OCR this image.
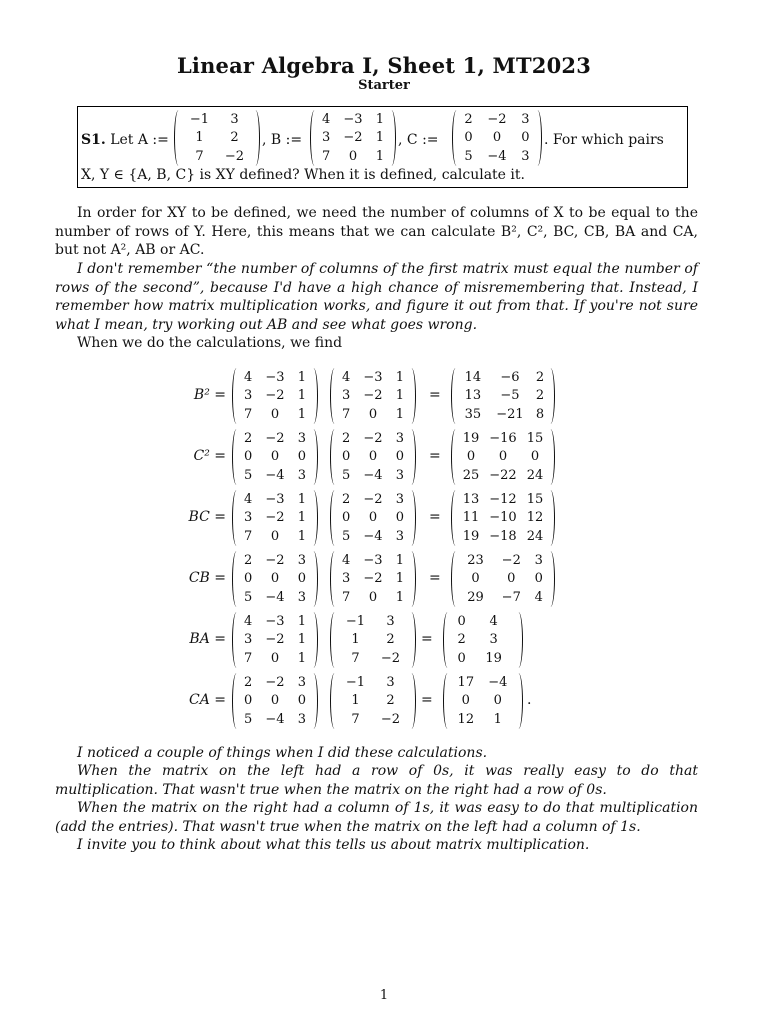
Linear Algebra I, Sheet 1, MT2023
Starter
S1. Let A :=
−1	3
1	2
7	−2
, B :=
4	−3	1
3	−2	1
7	0	1
, C :=
2	−2	3
0	0	0
5	−4	3
. For which pairs
X, Y ∈ {A, B, C} is XY defined? When it is defined, calculate it.
In order for XY to be defined, we need the number of columns of X to be equal to the number of rows of Y. Here, this means that we can calculate B², C², BC, CB, BA and CA, but not A², AB or AC.
I don't remember “the number of columns of the first matrix must equal the number of rows of the second”, because I'd have a high chance of misremembering that. Instead, I remember how matrix multiplication works, and figure it out from that. If you're not sure what I mean, try working out AB and see what goes wrong.
When we do the calculations, we find
B² =
4	−3	1
3	−2	1
7	0	1
4	−3	1
3	−2	1
7	0	1
=
14	−6	2
13	−5	2
35	−21	8
C² =
2	−2	3
0	0	0
5	−4	3
2	−2	3
0	0	0
5	−4	3
=
19	−16	15
0	0	0
25	−22	24
BC =
4	−3	1
3	−2	1
7	0	1
2	−2	3
0	0	0
5	−4	3
=
13	−12	15
11	−10	12
19	−18	24
CB =
2	−2	3
0	0	0
5	−4	3
4	−3	1
3	−2	1
7	0	1
=
23	−2	3
0	0	0
29	−7	4
BA =
4	−3	1
3	−2	1
7	0	1
−1	3
1	2
7	−2
=
0	4
2	3
0	19
CA =
2	−2	3
0	0	0
5	−4	3
−1	3
1	2
7	−2
=
17	−4
0	0
12	1
.
I noticed a couple of things when I did these calculations.
When the matrix on the left had a row of 0s, it was really easy to do that multiplication. That wasn't true when the matrix on the right had a row of 0s.
When the matrix on the right had a column of 1s, it was easy to do that multiplication (add the entries). That wasn't true when the matrix on the left had a column of 1s.
I invite you to think about what this tells us about matrix multiplication.
1
